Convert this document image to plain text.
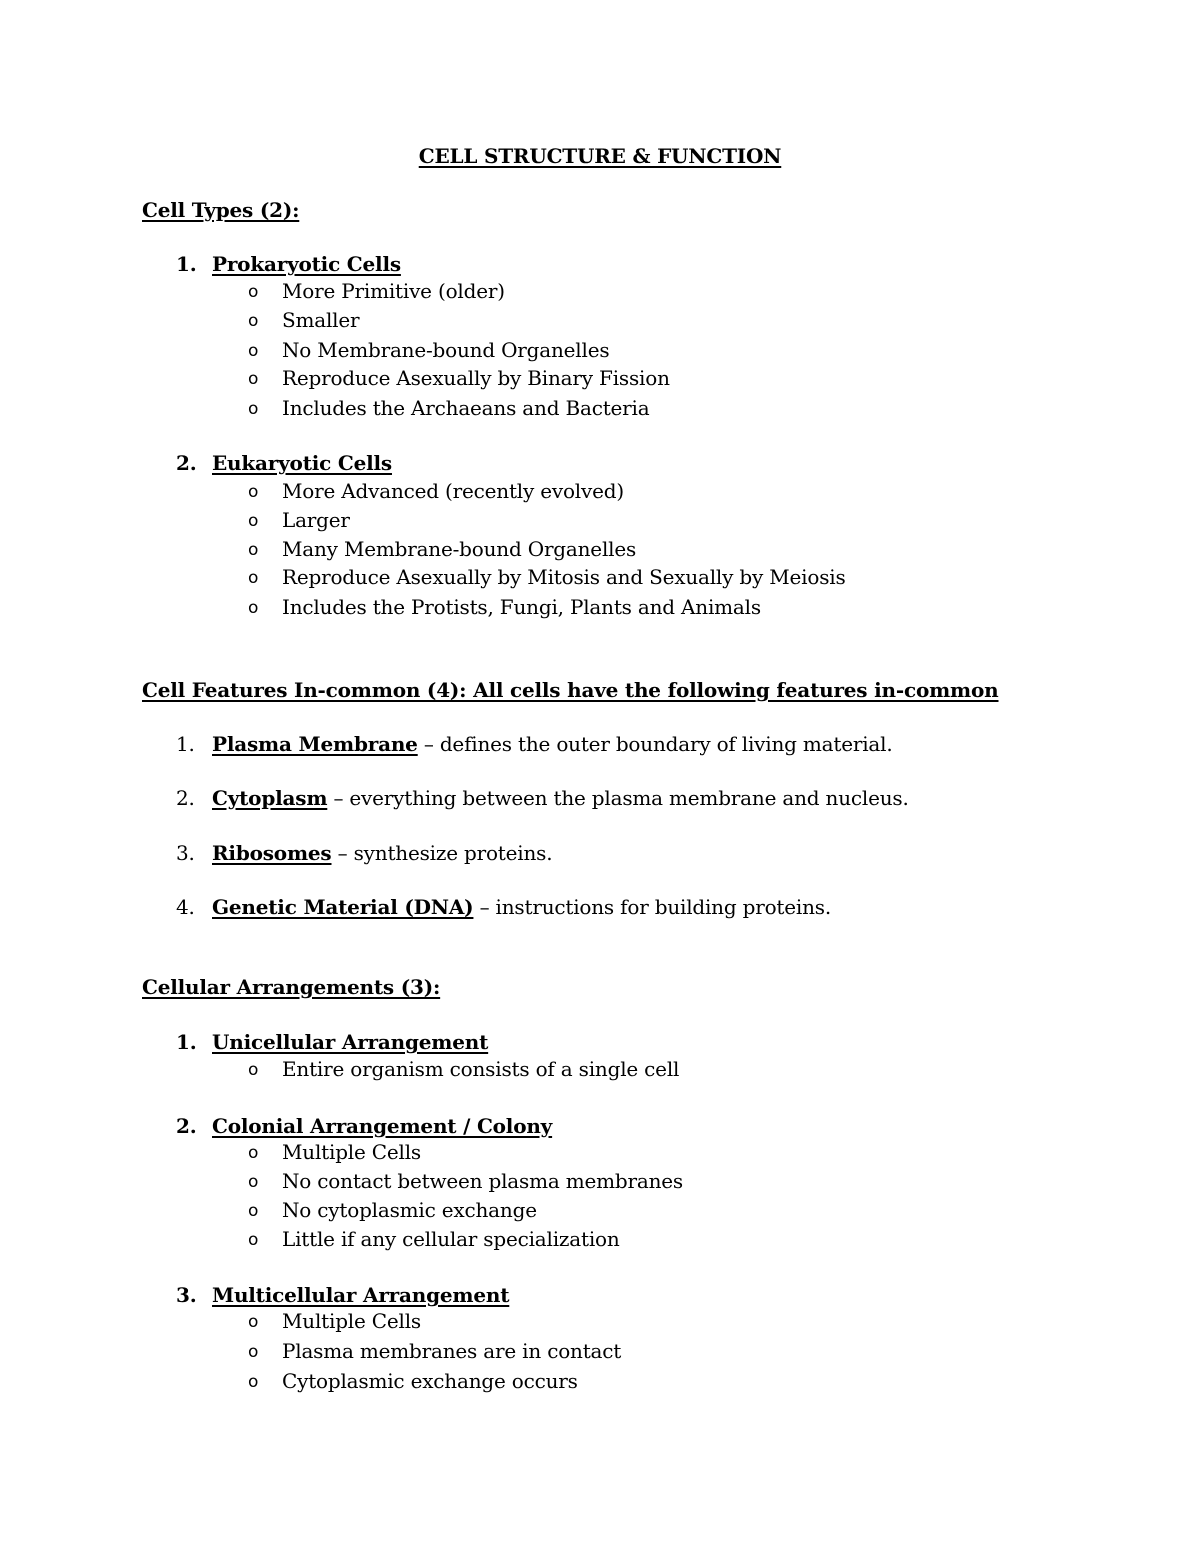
CELL STRUCTURE & FUNCTION
Cell Types (2):
1. Prokaryotic Cells
o More Primitive (older)
o Smaller
o No Membrane-bound Organelles
o Reproduce Asexually by Binary Fission
o Includes the Archaeans and Bacteria
2. Eukaryotic Cells
o More Advanced (recently evolved)
o Larger
o Many Membrane-bound Organelles
o Reproduce Asexually by Mitosis and Sexually by Meiosis
o Includes the Protists, Fungi, Plants and Animals
Cell Features In-common (4): All cells have the following features in-common
1. Plasma Membrane – defines the outer boundary of living material.
2. Cytoplasm – everything between the plasma membrane and nucleus.
3. Ribosomes – synthesize proteins.
4. Genetic Material (DNA) – instructions for building proteins.
Cellular Arrangements (3):
1. Unicellular Arrangement
o Entire organism consists of a single cell
2. Colonial Arrangement / Colony
o Multiple Cells
o No contact between plasma membranes
o No cytoplasmic exchange
o Little if any cellular specialization
3. Multicellular Arrangement
o Multiple Cells
o Plasma membranes are in contact
o Cytoplasmic exchange occurs
